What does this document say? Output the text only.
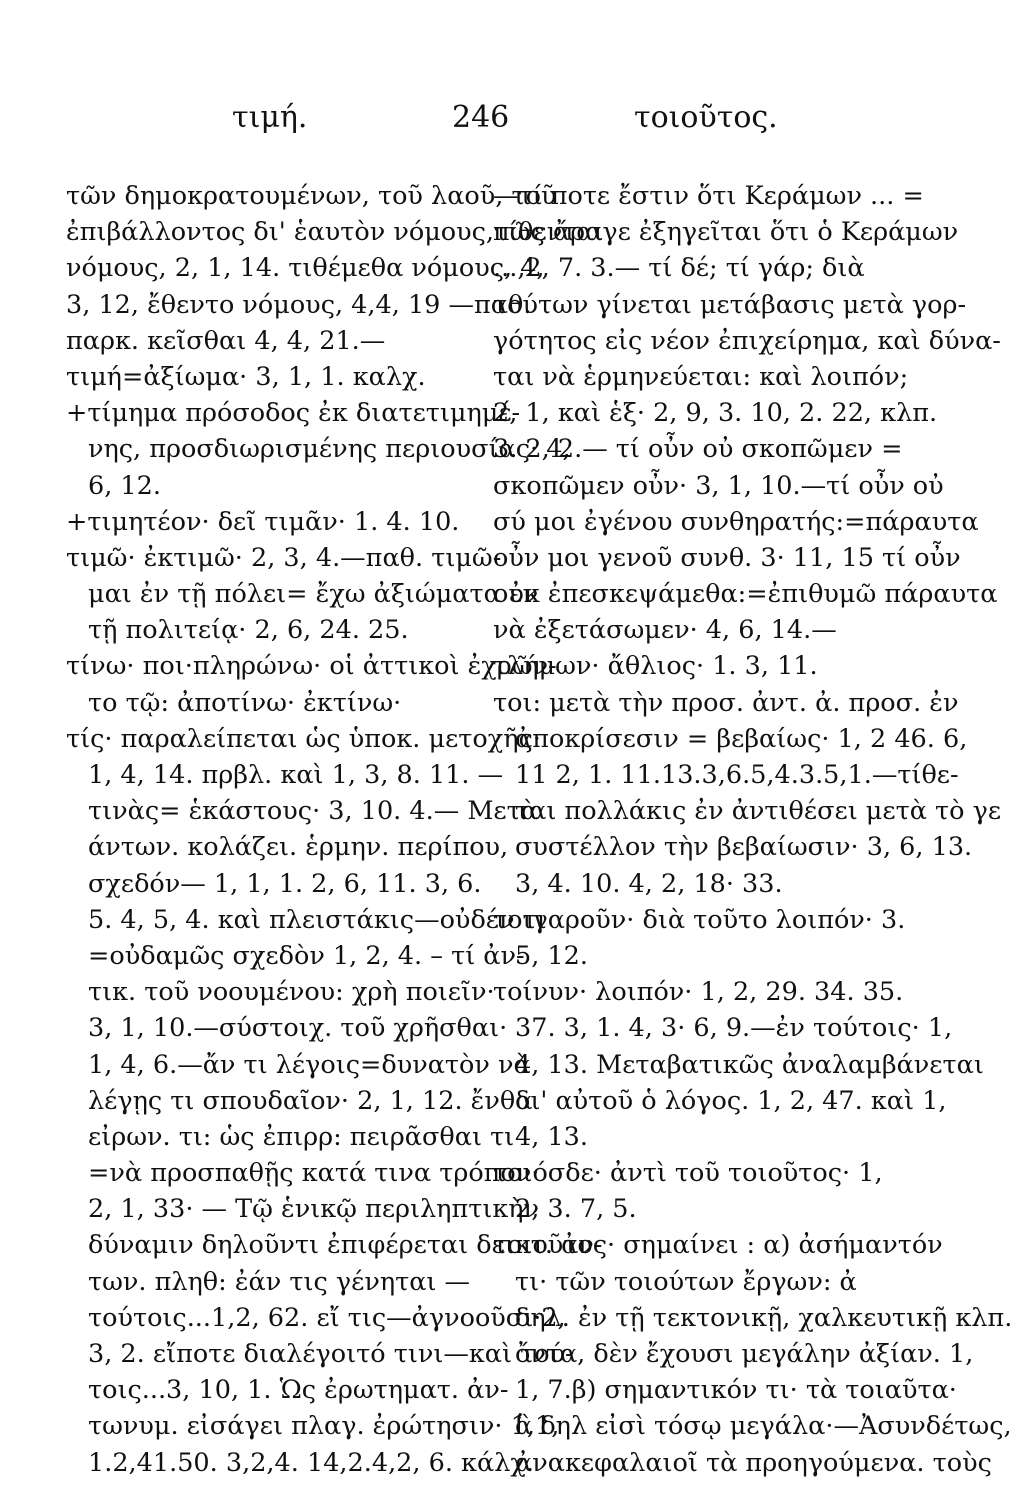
τιμή.	246	τοιοῦτος.
τῶν δημοκρατουμένων, τοῦ λαοῦ, τοῦ
ἐπιβάλλοντος δι' ἑαυτὸν νόμους,τίθενται
νόμους, 2, 1, 14. τιθέμεθα νόμους, 4,
3, 12, ἔθεντο νόμους, 4,4, 19 —παθ.
παρκ. κεῖσθαι 4, 4, 21.—
τιμή=ἀξίωμα· 3, 1, 1. καλχ.
+τίμημα πρόσοδος ἐκ διατετιμημέ-
νης, προσδιωρισμένης περιουσίας· 4,
6, 12.
+τιμητέον· δεῖ τιμᾶν· 1. 4. 10.
τιμῶ· ἐκτιμῶ· 2, 3, 4.—παθ. τιμῶ-
μαι ἐν τῇ πόλει= ἔχω ἀξιώματα ἐν
τῇ πολιτείᾳ· 2, 6, 24. 25.
τίνω· ποι·πληρώνω· οἱ ἀττικοὶ ἐχρῶν-
το τῷ: ἀποτίνω· ἐκτίνω·
τίς· παραλείπεται ὡς ὑποκ. μετοχῆς·
1, 4, 14. πρβλ. καὶ 1, 3, 8. 11. —
τινὰς= ἑκάστους· 3, 10. 4.— Μετὰ
άντων. κολάζει. ἑρμην. περίπου,
σχεδόν— 1, 1, 1. 2, 6, 11. 3, 6.
5. 4, 5, 4. καὶ πλειστάκις—οὐδέν τι
=οὐδαμῶς σχεδὸν 1, 2, 4. – τί ἀν-
τικ. τοῦ νοουμένου: χρὴ ποιεῖν·
3, 1, 10.—σύστοιχ. τοῦ χρῆσθαι·
1, 4, 6.—ἄν τι λέγοις=δυνατὸν νὰ
λέγῃς τι σπουδαῖον· 2, 1, 12. ἔνθα
εἰρων. τι: ὡς ἐπιρρ: πειρᾶσθαι τι
=νὰ προσπαθῇς κατά τινα τρόπον·
2, 1, 33· — Τῷ ἑνικῷ περιληπτικὴν
δύναμιν δηλοῦντι ἐπιφέρεται δεικτ. ἀν-
των. πληθ: ἐάν τις γένηται —
τούτοις...1,2, 62. εἴ τις—ἀγνοοῦσι·2,
3, 2. εἴποτε διαλέγοιτό τινι—καὶ τού-
τοις...3, 10, 1. Ὡς ἐρωτηματ. ἀν-
τωνυμ. εἰσάγει πλαγ. ἐρώτησιν· 1,1,
1.2,41.50. 3,2,4. 14,2.4,2, 6. κάλχ.
—τί ποτε ἔστιν ὅτι Κεράμων ... =
πῶς ἄραγε ἐξηγεῖται ὅτι ὁ Κεράμων
...,2, 7. 3.— τί δέ; τί γάρ; διὰ
τούτων γίνεται μετάβασις μετὰ γορ-
γότητος εἰς νέον ἐπιχείρημα, καὶ δύνα-
ται νὰ ἑρμηνεύεται: καὶ λοιπόν;
2, 1, καὶ ἑξ· 2, 9, 3. 10, 2. 22, κλπ.
3. 2, 2.— τί οὖν οὐ σκοπῶμεν =
σκοπῶμεν οὖν· 3, 1, 10.—τί οὖν οὐ
σύ μοι ἐγένου συνθηρατής:=πάραυτα
οὖν μοι γενοῦ συνθ. 3· 11, 15 τί οὖν
οὐκ ἐπεσκεψάμεθα:=ἐπιθυμῶ πάραυτα
νὰ ἐξετάσωμεν· 4, 6, 14.—
τλήμων· ἄθλιος· 1. 3, 11.
τοι: μετὰ τὴν προσ. ἀντ. ἀ. προσ. ἐν
ἀποκρίσεσιν = βεβαίως· 1, 2 46. 6,
11 2, 1. 11.13.3,6.5,4.3.5,1.—τίθε-
ται πολλάκις ἐν ἀντιθέσει μετὰ τὸ γε
συστέλλον τὴν βεβαίωσιν· 3, 6, 13.
3, 4. 10. 4, 2, 18· 33.
τοιγαροῦν· διὰ τοῦτο λοιπόν· 3.
5, 12.
τοίνυν· λοιπόν· 1, 2, 29. 34. 35.
37. 3, 1. 4, 3· 6, 9.—ἐν τούτοις· 1,
4, 13. Μεταβατικῶς ἀναλαμβάνεται
δι' αὐτοῦ ὁ λόγος. 1, 2, 47. καὶ 1,
4, 13.
τοιόσδε· ἀντὶ τοῦ τοιοῦτος· 1,
2, 3. 7, 5.
τοιοῦτος· σημαίνει : α) ἀσήμαντόν
τι· τῶν τοιούτων ἔργων: ἀ
δηλ. ἐν τῇ τεκτονικῇ, χαλκευτικῇ κλπ.
ὄντα, δὲν ἔχουσι μεγάλην ἀξίαν. 1,
1, 7.β) σημαντικόν τι· τὰ τοιαῦτα·
ἃ δηλ εἰσὶ τόσῳ μεγάλα·—Ἀσυνδέτως,
ἀνακεφαλαιοῖ τὰ προηγούμενα. τοὺς
